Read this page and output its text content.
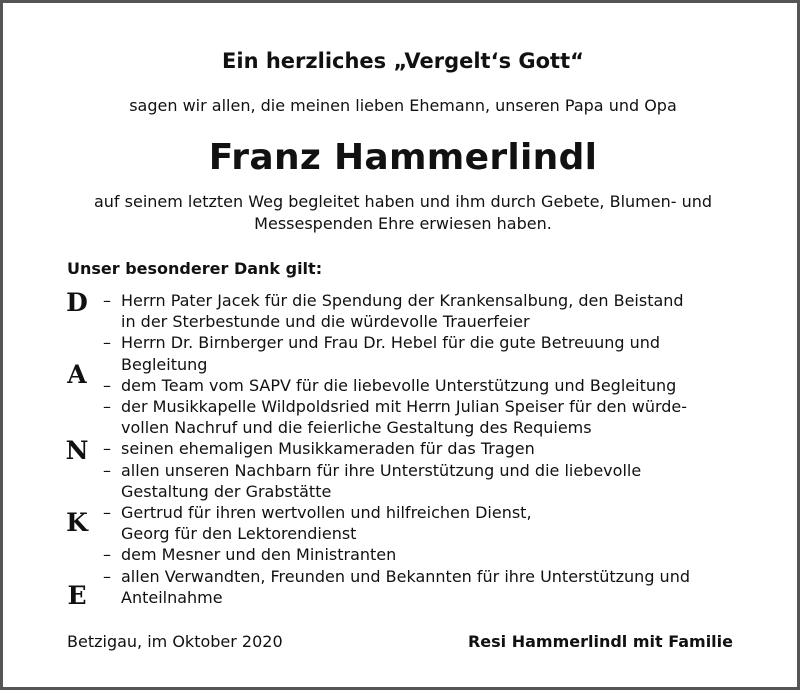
Ein herzliches „Vergelt‘s Gott“
sagen wir allen, die meinen lieben Ehemann, unseren Papa und Opa
Franz Hammerlindl
auf seinem letzten Weg begleitet haben und ihm durch Gebete, Blumen- und
Messespenden Ehre erwiesen haben.
Unser besonderer Dank gilt:
D
A
N
K
E
– Herrn Pater Jacek für die Spendung der Krankensalbung, den Beistand
in der Sterbestunde und die würdevolle Trauerfeier
– Herrn Dr. Birnberger und Frau Dr. Hebel für die gute Betreuung und
Begleitung
– dem Team vom SAPV für die liebevolle Unterstützung und Begleitung
– der Musikkapelle Wildpoldsried mit Herrn Julian Speiser für den würde-
vollen Nachruf und die feierliche Gestaltung des Requiems
– seinen ehemaligen Musikkameraden für das Tragen
– allen unseren Nachbarn für ihre Unterstützung und die liebevolle
Gestaltung der Grabstätte
– Gertrud für ihren wertvollen und hilfreichen Dienst,
Georg für den Lektorendienst
– dem Mesner und den Ministranten
– allen Verwandten, Freunden und Bekannten für ihre Unterstützung und
Anteilnahme
Betzigau, im Oktober 2020	Resi Hammerlindl mit Familie
